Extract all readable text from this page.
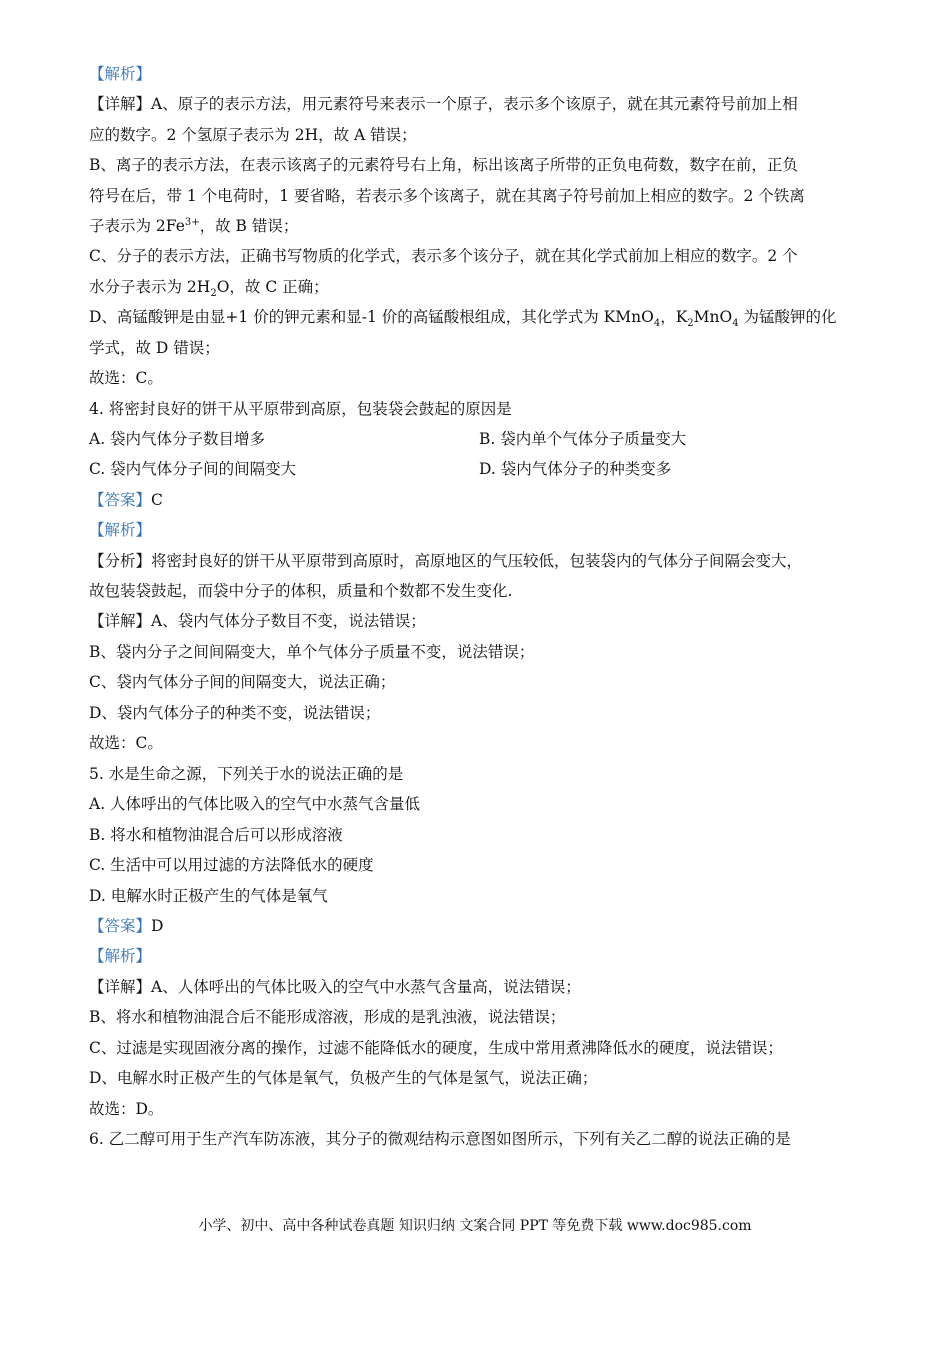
【解析】
【详解】A、原子的表示方法，用元素符号来表示一个原子，表示多个该原子，就在其元素符号前加上相
应的数字。2 个氢原子表示为 2H，故 A 错误；
B、离子的表示方法，在表示该离子的元素符号右上角，标出该离子所带的正负电荷数，数字在前，正负
符号在后，带 1 个电荷时，1 要省略，若表示多个该离子，就在其离子符号前加上相应的数字。2 个铁离
子表示为 $2Fe^{3+}$，故 B 错误；
C、分子的表示方法，正确书写物质的化学式，表示多个该分子，就在其化学式前加上相应的数字。2 个
水分子表示为 $2H_2O$，故 C 正确；
D、高锰酸钾是由显+1 价的钾元素和显-1 价的高锰酸根组成，其化学式为 KMnO$_4$，$K_2MnO_4$ 为锰酸钾的化
学式，故 D 错误；
故选：C。
4. 将密封良好的饼干从平原带到高原，包装袋会鼓起的原因是
A. 袋内气体分子数目增多	B. 袋内单个气体分子质量变大
C. 袋内气体分子间的间隔变大	D. 袋内气体分子的种类变多
【答案】C
【解析】
【分析】将密封良好的饼干从平原带到高原时，高原地区的气压较低，包装袋内的气体分子间隔会变大，
故包装袋鼓起，而袋中分子的体积，质量和个数都不发生变化.
【详解】A、袋内气体分子数目不变，说法错误；
B、袋内分子之间间隔变大，单个气体分子质量不变，说法错误；
C、袋内气体分子间的间隔变大，说法正确；
D、袋内气体分子的种类不变，说法错误；
故选：C。
5. 水是生命之源，下列关于水的说法正确的是
A. 人体呼出的气体比吸入的空气中水蒸气含量低
B. 将水和植物油混合后可以形成溶液
C. 生活中可以用过滤的方法降低水的硬度
D. 电解水时正极产生的气体是氧气
【答案】D
【解析】
【详解】A、人体呼出的气体比吸入的空气中水蒸气含量高，说法错误；
B、将水和植物油混合后不能形成溶液，形成的是乳浊液，说法错误；
C、过滤是实现固液分离的操作，过滤不能降低水的硬度，生成中常用煮沸降低水的硬度，说法错误；
D、电解水时正极产生的气体是氧气，负极产生的气体是氢气，说法正确；
故选：D。
6. 乙二醇可用于生产汽车防冻液，其分子的微观结构示意图如图所示，下列有关乙二醇的说法正确的是
小学、初中、高中各种试卷真题 知识归纳 文案合同 PPT 等免费下载 www.doc985.com
